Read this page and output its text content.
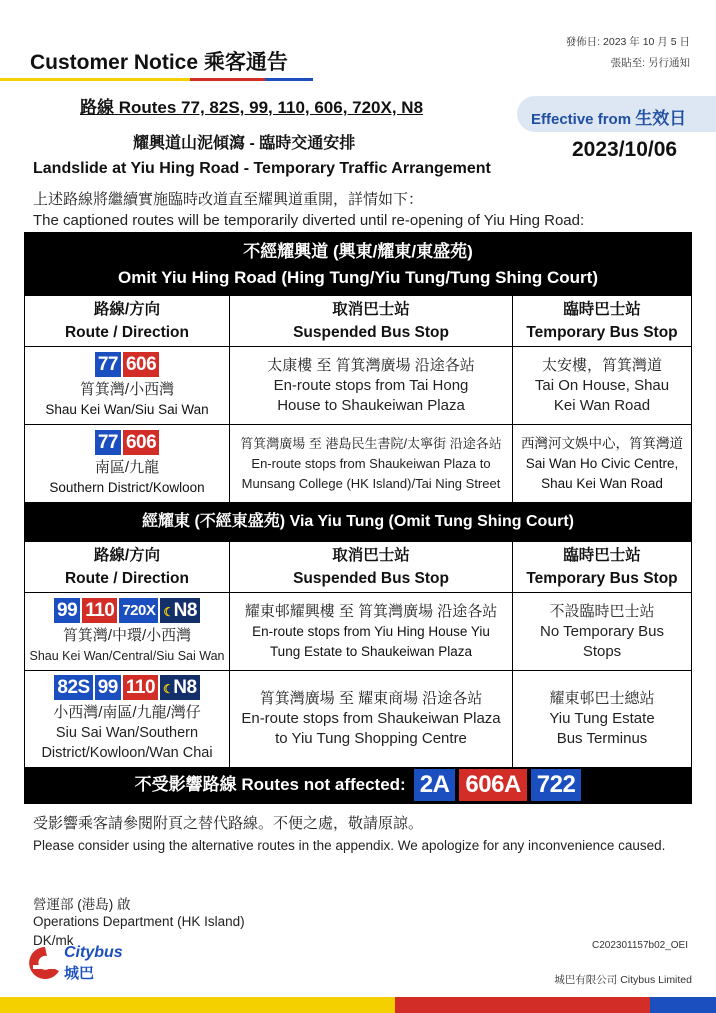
發佈日: 2023 年 10 月 5 日
張貼至: 另行通知
Customer Notice 乘客通告
Effective from 生效日
2023/10/06
路線 Routes 77, 82S, 99, 110, 606, 720X, N8
耀興道山泥傾瀉 - 臨時交通安排
Landslide at Yiu Hing Road - Temporary Traffic Arrangement
上述路線將繼續實施臨時改道直至耀興道重開，詳情如下：
The captioned routes will be temporarily diverted until re-opening of Yiu Hing Road:
不經耀興道 (興東/耀東/東盛苑)
Omit Yiu Hing Road (Hing Tung/Yiu Tung/Tung Shing Court)
路線/方向
Route / Direction
取消巴士站
Suspended Bus Stop
臨時巴士站
Temporary Bus Stop
77 606
筲箕灣/小西灣
Shau Kei Wan/Siu Sai Wan
太康樓 至 筲箕灣廣場 沿途各站
En-route stops from Tai Hong House to Shaukeiwan Plaza
太安樓，筲箕灣道
Tai On House, Shau Kei Wan Road
77 606
南區/九龍
Southern District/Kowloon
筲箕灣廣場 至 港島民生書院/太寧街 沿途各站
En-route stops from Shaukeiwan Plaza to Munsang College (HK Island)/Tai Ning Street
西灣河文娛中心，筲箕灣道
Sai Wan Ho Civic Centre, Shau Kei Wan Road
經耀東 (不經東盛苑) Via Yiu Tung (Omit Tung Shing Court)
路線/方向
Route / Direction
取消巴士站
Suspended Bus Stop
臨時巴士站
Temporary Bus Stop
99 110 720X ☾N8
筲箕灣/中環/小西灣
Shau Kei Wan/Central/Siu Sai Wan
耀東邨耀興樓 至 筲箕灣廣場 沿途各站
En-route stops from Yiu Hing House Yiu Tung Estate to Shaukeiwan Plaza
不設臨時巴士站
No Temporary Bus Stops
82S 99 110 ☾N8
小西灣/南區/九龍/灣仔
Siu Sai Wan/Southern District/Kowloon/Wan Chai
筲箕灣廣場 至 耀東商場 沿途各站
En-route stops from Shaukeiwan Plaza to Yiu Tung Shopping Centre
耀東邨巴士總站
Yiu Tung Estate Bus Terminus
不受影響路線 Routes not affected: 2A 606A 722
受影響乘客請參閱附頁之替代路線。不便之處，敬請原諒。
Please consider using the alternative routes in the appendix. We apologize for any inconvenience caused.
營運部 (港島) 啟
Operations Department (HK Island)
DK/mk
Citybus
城巴
C202301157b02_OEI
城巴有限公司 Citybus Limited
